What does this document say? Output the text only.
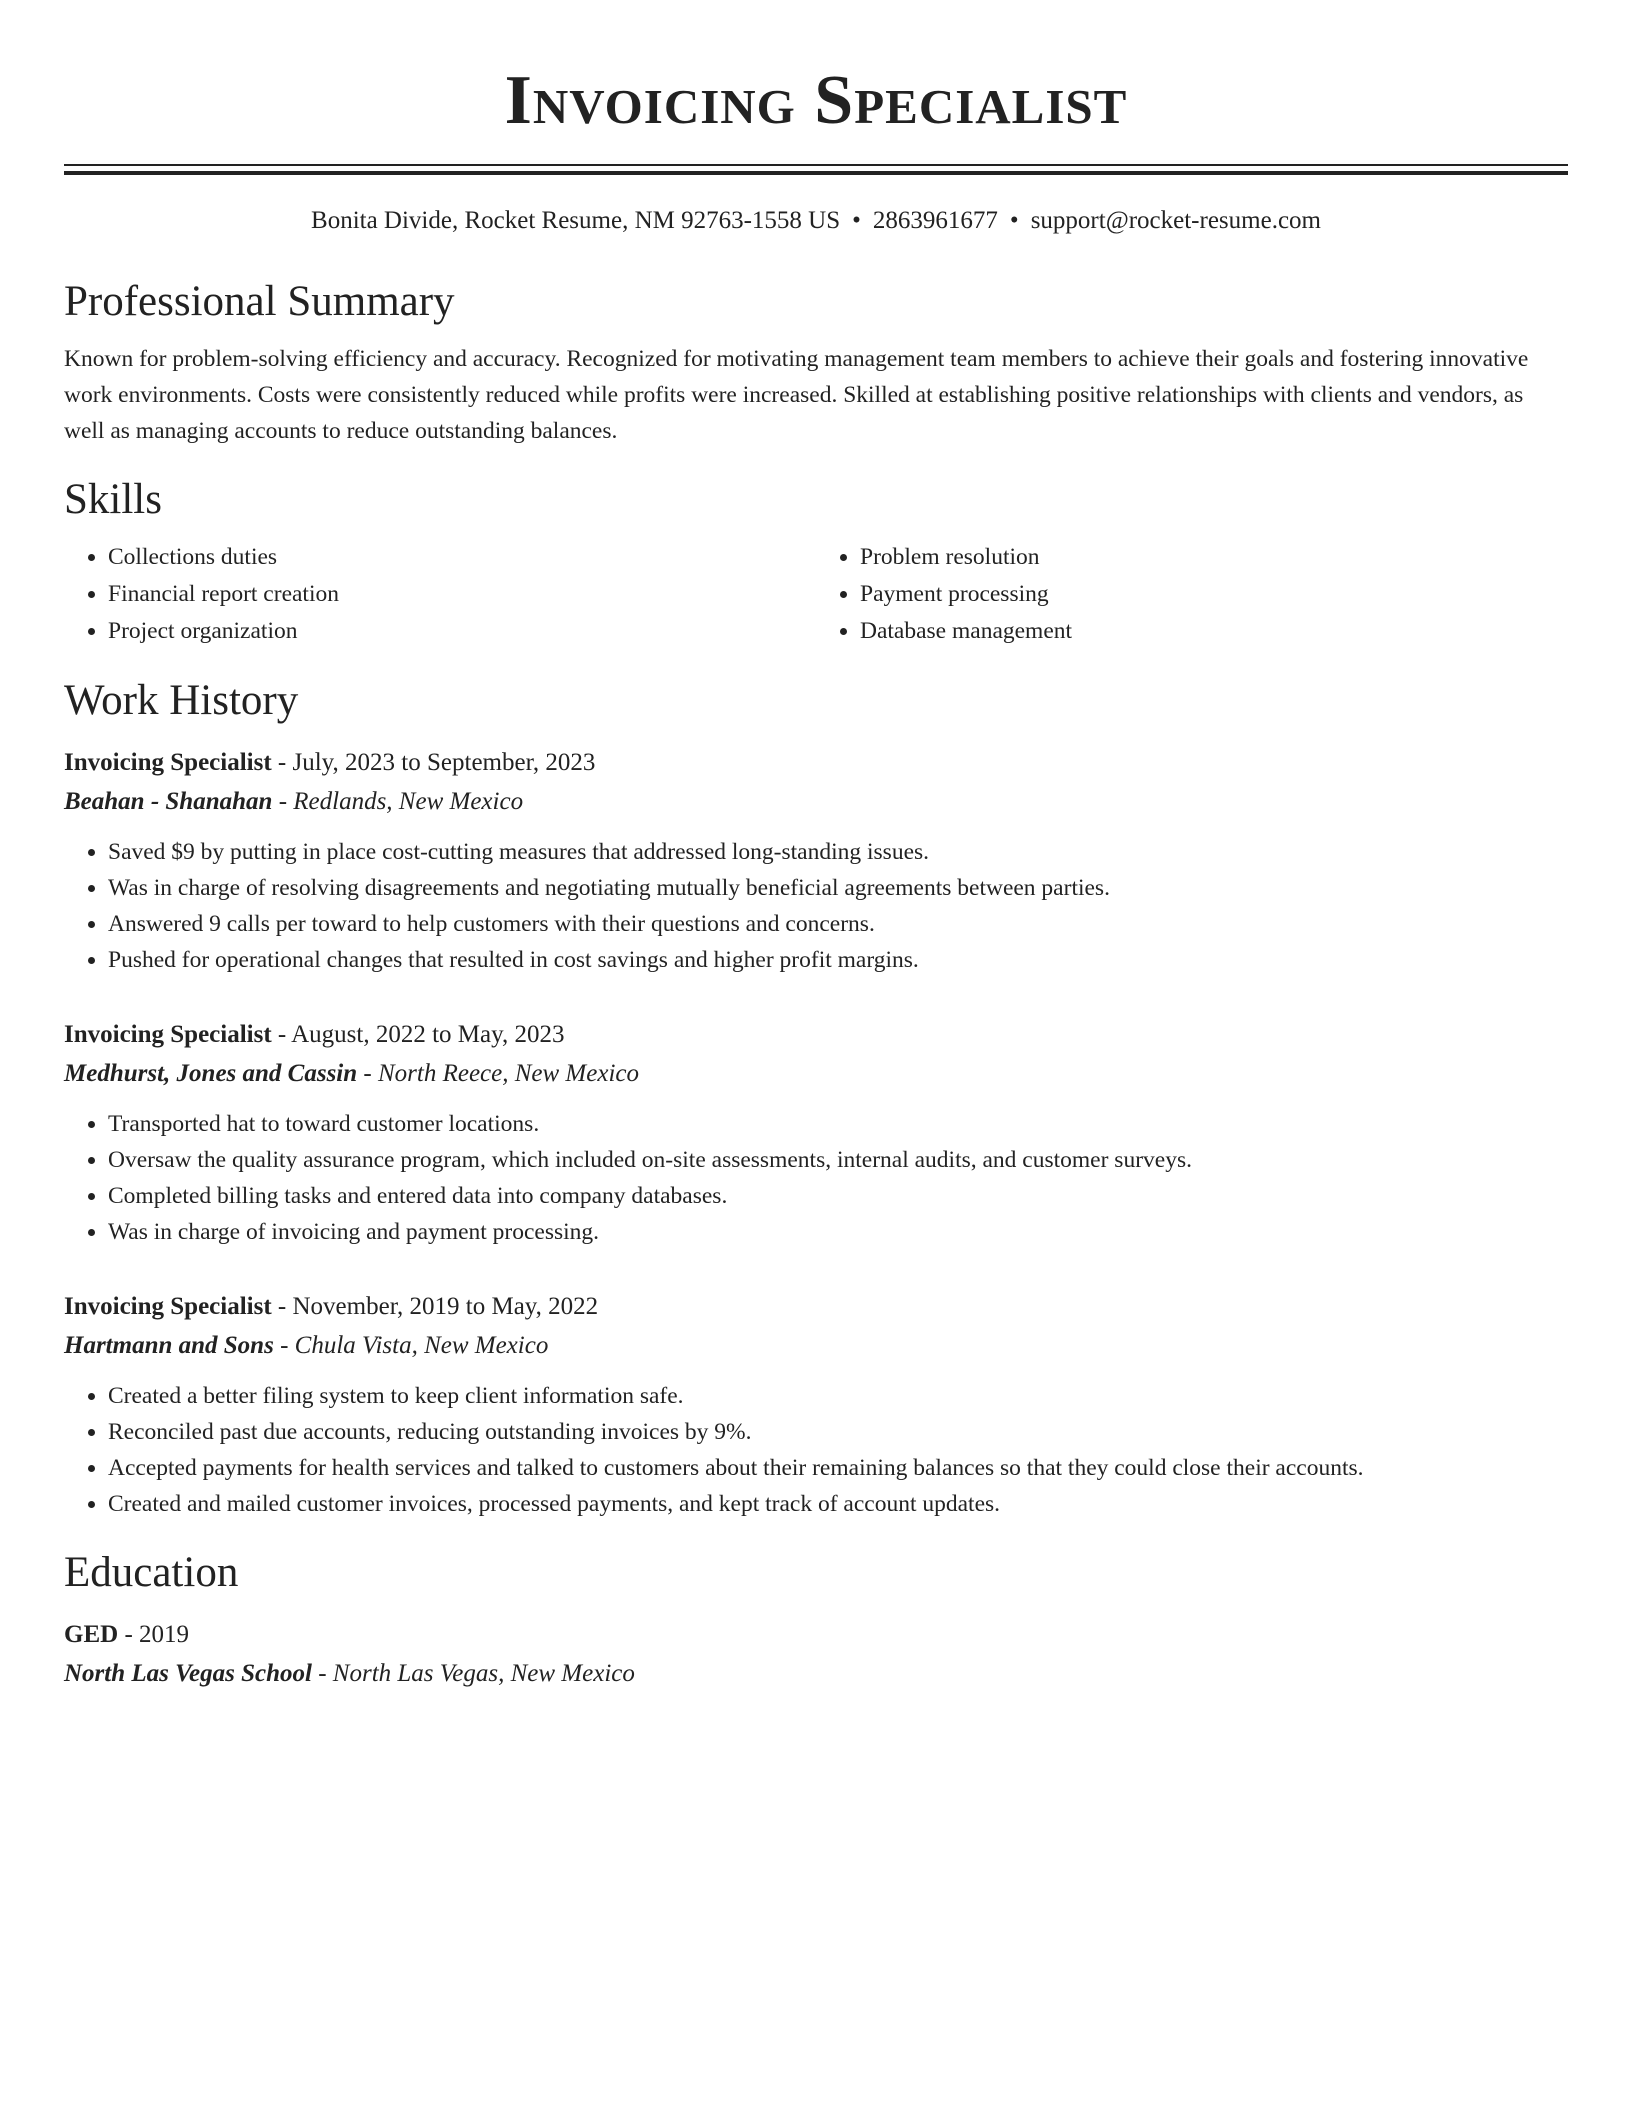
Invoicing Specialist
Bonita Divide, Rocket Resume, NM 92763-1558 US • 2863961677 • support@rocket-resume.com
Professional Summary
Known for problem-solving efficiency and accuracy. Recognized for motivating management team members to achieve their goals and fostering innovative work environments. Costs were consistently reduced while profits were increased. Skilled at establishing positive relationships with clients and vendors, as well as managing accounts to reduce outstanding balances.
Skills
• Collections duties
• Financial report creation
• Project organization
• Problem resolution
• Payment processing
• Database management
Work History
Invoicing Specialist - July, 2023 to September, 2023
Beahan - Shanahan - Redlands, New Mexico
• Saved $9 by putting in place cost-cutting measures that addressed long-standing issues.
• Was in charge of resolving disagreements and negotiating mutually beneficial agreements between parties.
• Answered 9 calls per toward to help customers with their questions and concerns.
• Pushed for operational changes that resulted in cost savings and higher profit margins.
Invoicing Specialist - August, 2022 to May, 2023
Medhurst, Jones and Cassin - North Reece, New Mexico
• Transported hat to toward customer locations.
• Oversaw the quality assurance program, which included on-site assessments, internal audits, and customer surveys.
• Completed billing tasks and entered data into company databases.
• Was in charge of invoicing and payment processing.
Invoicing Specialist - November, 2019 to May, 2022
Hartmann and Sons - Chula Vista, New Mexico
• Created a better filing system to keep client information safe.
• Reconciled past due accounts, reducing outstanding invoices by 9%.
• Accepted payments for health services and talked to customers about their remaining balances so that they could close their accounts.
• Created and mailed customer invoices, processed payments, and kept track of account updates.
Education
GED - 2019
North Las Vegas School - North Las Vegas, New Mexico
